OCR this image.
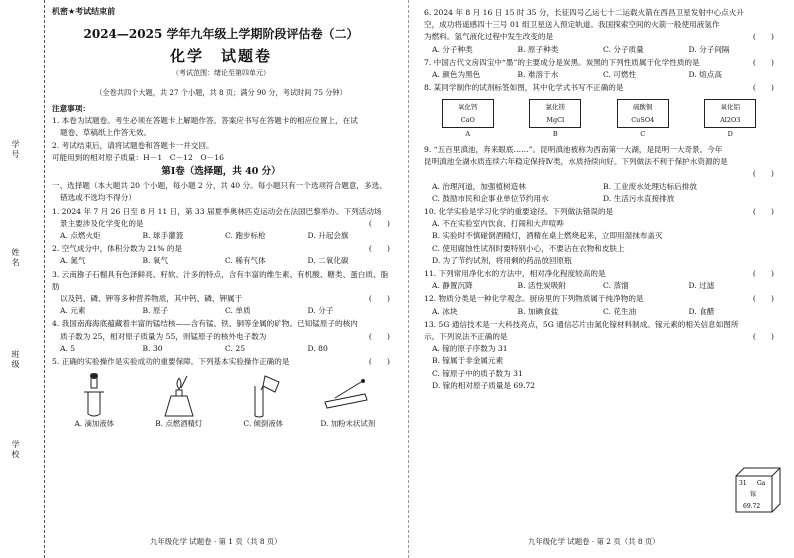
学号
姓名
班级
学校
机密★考试结束前
2024—2025 学年九年级上学期阶段评估卷（二）
化学　试题卷
（考试范围：绪论至第四单元）
（全卷共四个大题，共 27 个小题，共 8 页；满分 90 分，考试时间 75 分钟）
注意事项：
1. 本卷为试题卷。考生必须在答题卡上解题作答。答案应书写在答题卡的相应位置上，在试
题卷、草稿纸上作答无效。
2. 考试结束后，请将试题卷和答题卡一并交回。
可能用到的相对原子质量：H－1　C－12　O－16
第Ⅰ卷（选择题，共 40 分）
一、选择题（本大题共 20 个小题，每小题 2 分，共 40 分。每小题只有一个选项符合题意，多选、
错选或不选均不得分）
1. 2024 年 7 月 26 日至 8 月 11 日，第 33 届夏季奥林匹克运动会在法国巴黎举办。下列活动场
景主要涉及化学变化的是	(　　)
A. 点燃火炬	B. 球手灌篮	C. 跑步标枪	D. 升起会旗
2. 空气成分中，体积分数为 21% 的是	(　　)
A. 氮气	B. 氧气	C. 稀有气体	D. 二氧化碳
3. 云南猕子石榴具有色泽鲜亮、籽软、汁多的特点，含有丰富的维生素、有机酸、糖类、蛋白质、脂肪
以及钙、磷、钾等多种营养物质，其中钙、磷、钾属于	(　　)
A. 元素	B. 原子	C. 单质	D. 分子
4. 我国南海海底蕴藏着丰富的锰结核——含有锰、铁、铜等金属的矿物。已知锰原子的核内
质子数为 25，相对原子质量为 55，则锰原子的核外电子数为	(　　)
A. 5	B. 30	C. 25	D. 80
5. 正确的实验操作是实验成功的重要保障。下列基本实验操作正确的是	(　　)
A. 滴加液体	B. 点燃酒精灯	C. 倾倒液体	D. 加粉末状试剂
九年级化学 试题卷 · 第 1 页（共 8 页）
6. 2024 年 8 月 16 日 15 时 35 分，长征四号乙运七十二运载火箭在西昌卫星发射中心点火升
空，成功将遥感四十三号 01 组卫星送入预定轨道。我国探索空间的火箭一般使用液氢作
为燃料。氢气液化过程中发生改变的是	(　　)
A. 分子种类	B. 原子种类	C. 分子质量	D. 分子间隔
7. 中国古代文房四宝中“墨”的主要成分是炭黑。炭黑的下列性质属于化学性质的是	(　　)
A. 颜色为黑色	B. 难溶于水	C. 可燃性	D. 熔点高
8. 某同学制作的试剂标签如图，其中化学式书写不正确的是	(　　)
氧化钙
CaO
A
氯化镁
MgCl
B
硫酸铜
CuSO4
C
氧化铝
Al2O3
D
9. “五百里滇池，奔来眼底……”。昆明滇池被称为西南第一大湖，是昆明一大奇景。今年
昆明滇池全湖水质连续六年稳定保持Ⅳ类，水质持续向好。下列做法不利于保护水资源的是
(　　)
A. 治理河道，加强植树造林	B. 工业废水处理达标后排放
C. 鼓励市民和企事业单位节约用水	D. 生活污水直接排放
10. 化学实验是学习化学的重要途径。下列做法错误的是	(　　)
A. 不在实验室内饮食、打闹和大声喧哗
B. 实验时不慎碰倒酒精灯，酒精在桌上燃烧起来，立即用湿抹布盖灭
C. 使用腐蚀性试剂时要特别小心，不要沾在衣物和皮肤上
D. 为了节约试剂，将用剩的药品放回原瓶
11. 下列常用净化水的方法中，相对净化程度较高的是	(　　)
A. 静置沉降	B. 活性炭吸附	C. 蒸馏	D. 过滤
12. 物质分类是一种化学观念。厨房里的下列物质属于纯净物的是	(　　)
A. 冰块	B. 加碘食盐	C. 花生油	D. 食醋
13. 5G 通信技术是一大科技亮点，5G 通信芯片由氮化镓材料制成。镓元素的相关信息如图所
示。下列说法不正确的是	(　　)
A. 镓的原子序数为 31
B. 镓属于非金属元素
C. 镓原子中的质子数为 31
D. 镓的相对原子质量是 69.72
31 Ga
镓
69.72
九年级化学 试题卷 · 第 2 页（共 8 页）
